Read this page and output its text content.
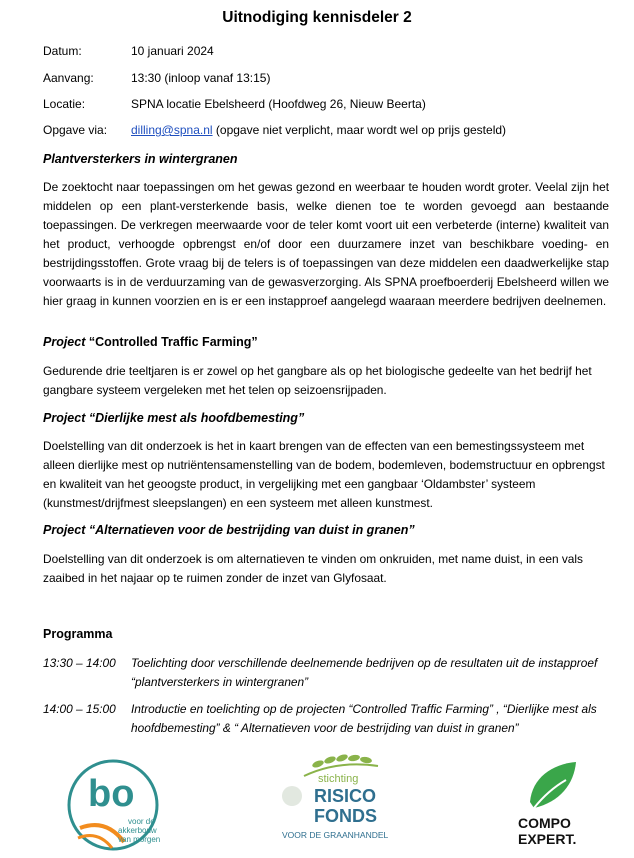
Uitnodiging kennisdeler 2
Datum:	10 januari 2024
Aanvang:	13:30 (inloop vanaf 13:15)
Locatie:	SPNA locatie Ebelsheerd (Hoofdweg 26, Nieuw Beerta)
Opgave via: dilling@spna.nl (opgave niet verplicht, maar wordt wel op prijs gesteld)
Plantversterkers in wintergranen
De zoektocht naar toepassingen om het gewas gezond en weerbaar te houden wordt groter. Veelal zijn het middelen op een plant-versterkende basis, welke dienen toe te worden gevoegd aan bestaande toepassingen. De verkregen meerwaarde voor de teler komt voort uit een verbeterde (interne) kwaliteit van het product, verhoogde opbrengst en/of door een duurzamere inzet van beschikbare voeding- en bestrijdingsstoffen. Grote vraag bij de telers is of toepassingen van deze middelen een daadwerkelijke stap voorwaarts is in de verduurzaming van de gewasverzorging. Als SPNA proefboerderij Ebelsheerd willen we hier graag in kunnen voorzien en is er een instapproef aangelegd waaraan meerdere bedrijven deelnemen.
Project “Controlled Traffic Farming”
Gedurende drie teeltjaren is er zowel op het gangbare als op het biologische gedeelte van het bedrijf het gangbare systeem vergeleken met het telen op seizoensrijpaden.
Project “Dierlijke mest als hoofdbemesting”
Doelstelling van dit onderzoek is het in kaart brengen van de effecten van een bemestingssysteem met alleen dierlijke mest op nutriëntensamenstelling van de bodem, bodemleven, bodemstructuur en opbrengst en kwaliteit van het geoogste product, in vergelijking met een gangbaar ‘Oldambster’ systeem (kunstmest/drijfmest sleepslangen) en een systeem met alleen kunstmest.
Project “Alternatieven voor de bestrijding van duist in granen”
Doelstelling van dit onderzoek is om alternatieven te vinden om onkruiden, met name duist, in een vals zaaibed in het najaar op te ruimen zonder de inzet van Glyfosaat.
Programma
13:30 – 14:00 Toelichting door verschillende deelnemende bedrijven op de resultaten uit de instapproef “plantversterkers in wintergranen”
14:00 – 15:00 Introductie en toelichting op de projecten “Controlled Traffic Farming” , “Dierlijke mest als hoofdbemesting” & “ Alternatieven voor de bestrijding van duist in granen”
bo
voor de
akkerbouw
van morgen
stichting
RISICO
FONDS
VOOR DE GRAANHANDEL
COMPO
EXPERT.
